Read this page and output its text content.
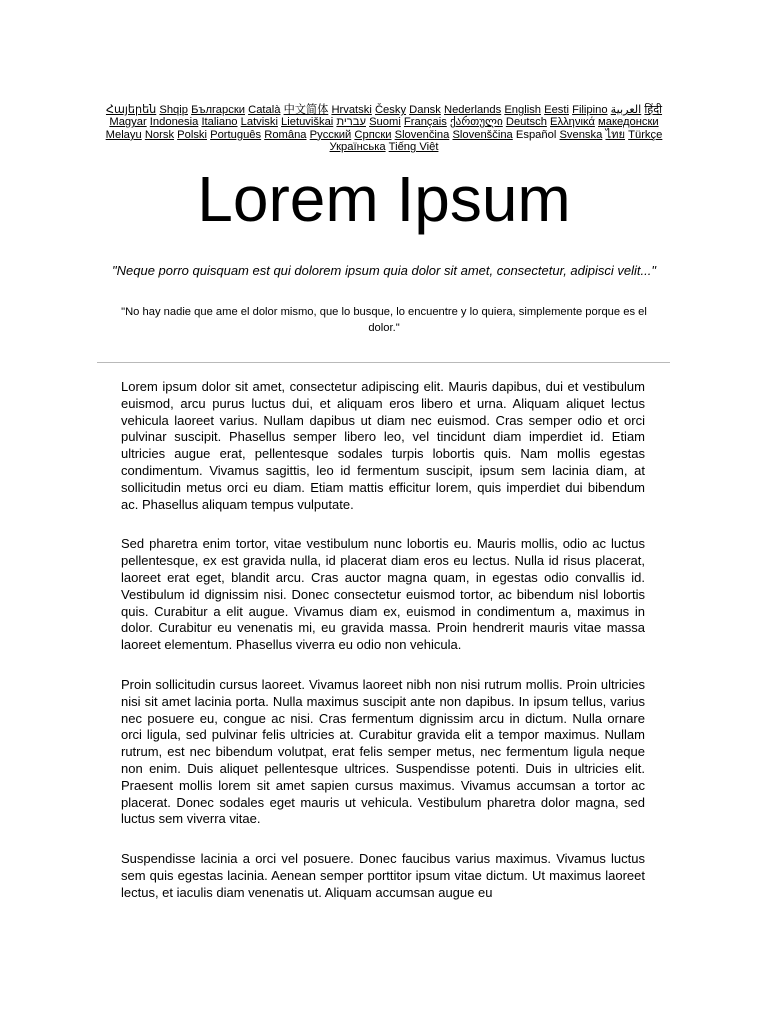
Հայերեն Shqip Български Català 中文简体 Hrvatski Česky Dansk Nederlands English Eesti Filipino العربية हिंदी Magyar Indonesia Italiano Latviski Lietuviškai עברית Suomi Français ქართული Deutsch Ελληνικά македонски Melayu Norsk Polski Português Româna Pyccкий Српски Slovenčina Slovenščina Español Svenska ไทย Türkçe Українська Tiếng Việt
Lorem Ipsum
"Neque porro quisquam est qui dolorem ipsum quia dolor sit amet, consectetur, adipisci velit..."
"No hay nadie que ame el dolor mismo, que lo busque, lo encuentre y lo quiera, simplemente porque es el dolor."

Lorem ipsum dolor sit amet, consectetur adipiscing elit. Mauris dapibus, dui et vestibulum euismod, arcu purus luctus dui, et aliquam eros libero et urna. Aliquam aliquet lectus vehicula laoreet varius. Nullam dapibus ut diam nec euismod. Cras semper odio et orci pulvinar suscipit. Phasellus semper libero leo, vel tincidunt diam imperdiet id. Etiam ultricies augue erat, pellentesque sodales turpis lobortis quis. Nam mollis egestas condimentum. Vivamus sagittis, leo id fermentum suscipit, ipsum sem lacinia diam, at sollicitudin metus orci eu diam. Etiam mattis efficitur lorem, quis imperdiet dui bibendum ac. Phasellus aliquam tempus vulputate.

Sed pharetra enim tortor, vitae vestibulum nunc lobortis eu. Mauris mollis, odio ac luctus pellentesque, ex est gravida nulla, id placerat diam eros eu lectus. Nulla id risus placerat, laoreet erat eget, blandit arcu. Cras auctor magna quam, in egestas odio convallis id. Vestibulum id dignissim nisi. Donec consectetur euismod tortor, ac bibendum nisl lobortis quis. Curabitur a elit augue. Vivamus diam ex, euismod in condimentum a, maximus in dolor. Curabitur eu venenatis mi, eu gravida massa. Proin hendrerit mauris vitae massa laoreet elementum. Phasellus viverra eu odio non vehicula.

Proin sollicitudin cursus laoreet. Vivamus laoreet nibh non nisi rutrum mollis. Proin ultricies nisi sit amet lacinia porta. Nulla maximus suscipit ante non dapibus. In ipsum tellus, varius nec posuere eu, congue ac nisi. Cras fermentum dignissim arcu in dictum. Nulla ornare orci ligula, sed pulvinar felis ultricies at. Curabitur gravida elit a tempor maximus. Nullam rutrum, est nec bibendum volutpat, erat felis semper metus, nec fermentum ligula neque non enim. Duis aliquet pellentesque ultrices. Suspendisse potenti. Duis in ultricies elit. Praesent mollis lorem sit amet sapien cursus maximus. Vivamus accumsan a tortor ac placerat. Donec sodales eget mauris ut vehicula. Vestibulum pharetra dolor magna, sed luctus sem viverra vitae.

Suspendisse lacinia a orci vel posuere. Donec faucibus varius maximus. Vivamus luctus sem quis egestas lacinia. Aenean semper porttitor ipsum vitae dictum. Ut maximus laoreet lectus, et iaculis diam venenatis ut. Aliquam accumsan augue eu
